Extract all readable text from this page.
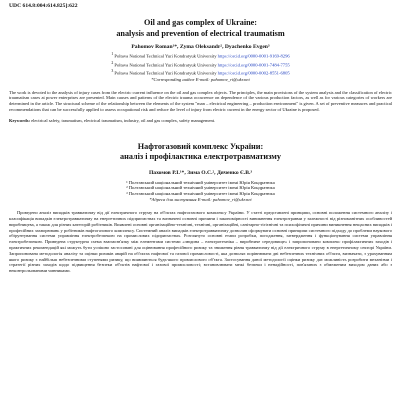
UDC 614.8:004:614.825]:622
Oil and gas complex of Ukraine:
analysis and prevention of electrical traumatism
Pahomov Roman¹*, Zyma Oleksandr², Dyachenko Evgen³
$^1$ Poltava National Technical Yuri Kondratyuk University https://orcid.org/0000-0001-9169-8296
$^2$ Poltava National Technical Yuri Kondratyuk University https://orcid.org/0000-0001-7484-7755
$^3$ Poltava National Technical Yuri Kondratyuk University https://orcid.org/0000-0002-8551-6805
*Corresponding author E-mail: pahomov_ri@ukr.net
The work is devoted to the analysis of injury cases from the electric current influence on the oil and gas complex objects. The principles, the main provisions of the system analysis and the classification of electric traumatism cases at power enterprises are presented. Main causes and patterns of the electric trauma occurrence on dependence of the various production factors, as well as for various categories of workers are determined in the article. The structural scheme of the relationship between the elements of the system "man – electrical engineering – production environment" is given. A set of preventive measures and practical recommendations that can be successfully applied to assess occupational risk and reduce the level of injury from electric current in the energy sector of Ukraine is proposed.
Keywords: electrical safety, traumatism, electrical traumatism, industry, oil and gas complex, safety management.
Нафтогазовий комплекс України:
аналіз і профілактика електротравматизму
Пахомов Р.І.¹*, Зима О.С.², Дяченко Є.В.³
¹ Полтавський національний технічний університет імені Юрія Кондратюка
² Полтавський національний технічний університет імені Юрія Кондратюка
³ Полтавський національний технічний університет імені Юрія Кондратюка
*Адреса для листування E-mail: pahomov_ri@ukr.net
Проведено аналіз випадків травматизму від дії електричного струму на об'єктах нафтогазового комплексу України. У статті представлені принципи, основні положення системного аналізу і класифікація випадків електротравматизму на енергетичних підприємствах та визначені основні причини і закономірності виникнення електротравми у залежності від різноманітних особливостей виробництва, а також для різних категорій робітників. Виявлені основні організаційно-технічні, технічні, організаційні, санітарно-гігієнічні та психофізичні причини виникнення нещасних випадків і професійних захворювань у робітників нафтогазового комплексу. Системний аналіз випадків електротравматизму дозволив сформувати основні принципи системного підходу до проблеми наукового обґрунтування системи управління електробезпекою на промислових підприємствах. Розглянуто основні етапи розробки, погодження, затвердження і функціонування системи управління електробезпекою. Приведена структурна схема взаємозв'язку між елементами системи «людина – електротехніка – виробниче середовище» і запропоновано комплекс профілактичних заходів і практичних рекомендацій які можуть бути успішно застосовані для оцінювання професійного ризику та зниження рівня травматизму від дії електричного струму в енергетичному секторі України. Запропонована методологія аналізу та оцінки ризиків аварій на об'єктах нафтової та газової промисловості, яка дозволяє порівнювати дві небезпечних технічних об'єкти, визначати, з урахуванням якого ризику є найбільш небезпечними ступенями ризику, що виявляються будь-якого промислового об'єкта. Застосування даної методології оцінки ризику дає можливість розробити механізми і стратегії різних заходів щодо підвищення безпеки об'єктів нафтової і газової промисловості; встановлювати межі безпеки і ненадійності, пов'язаних з обмеженим виходом даних або з неконтрольованими чинниками.
